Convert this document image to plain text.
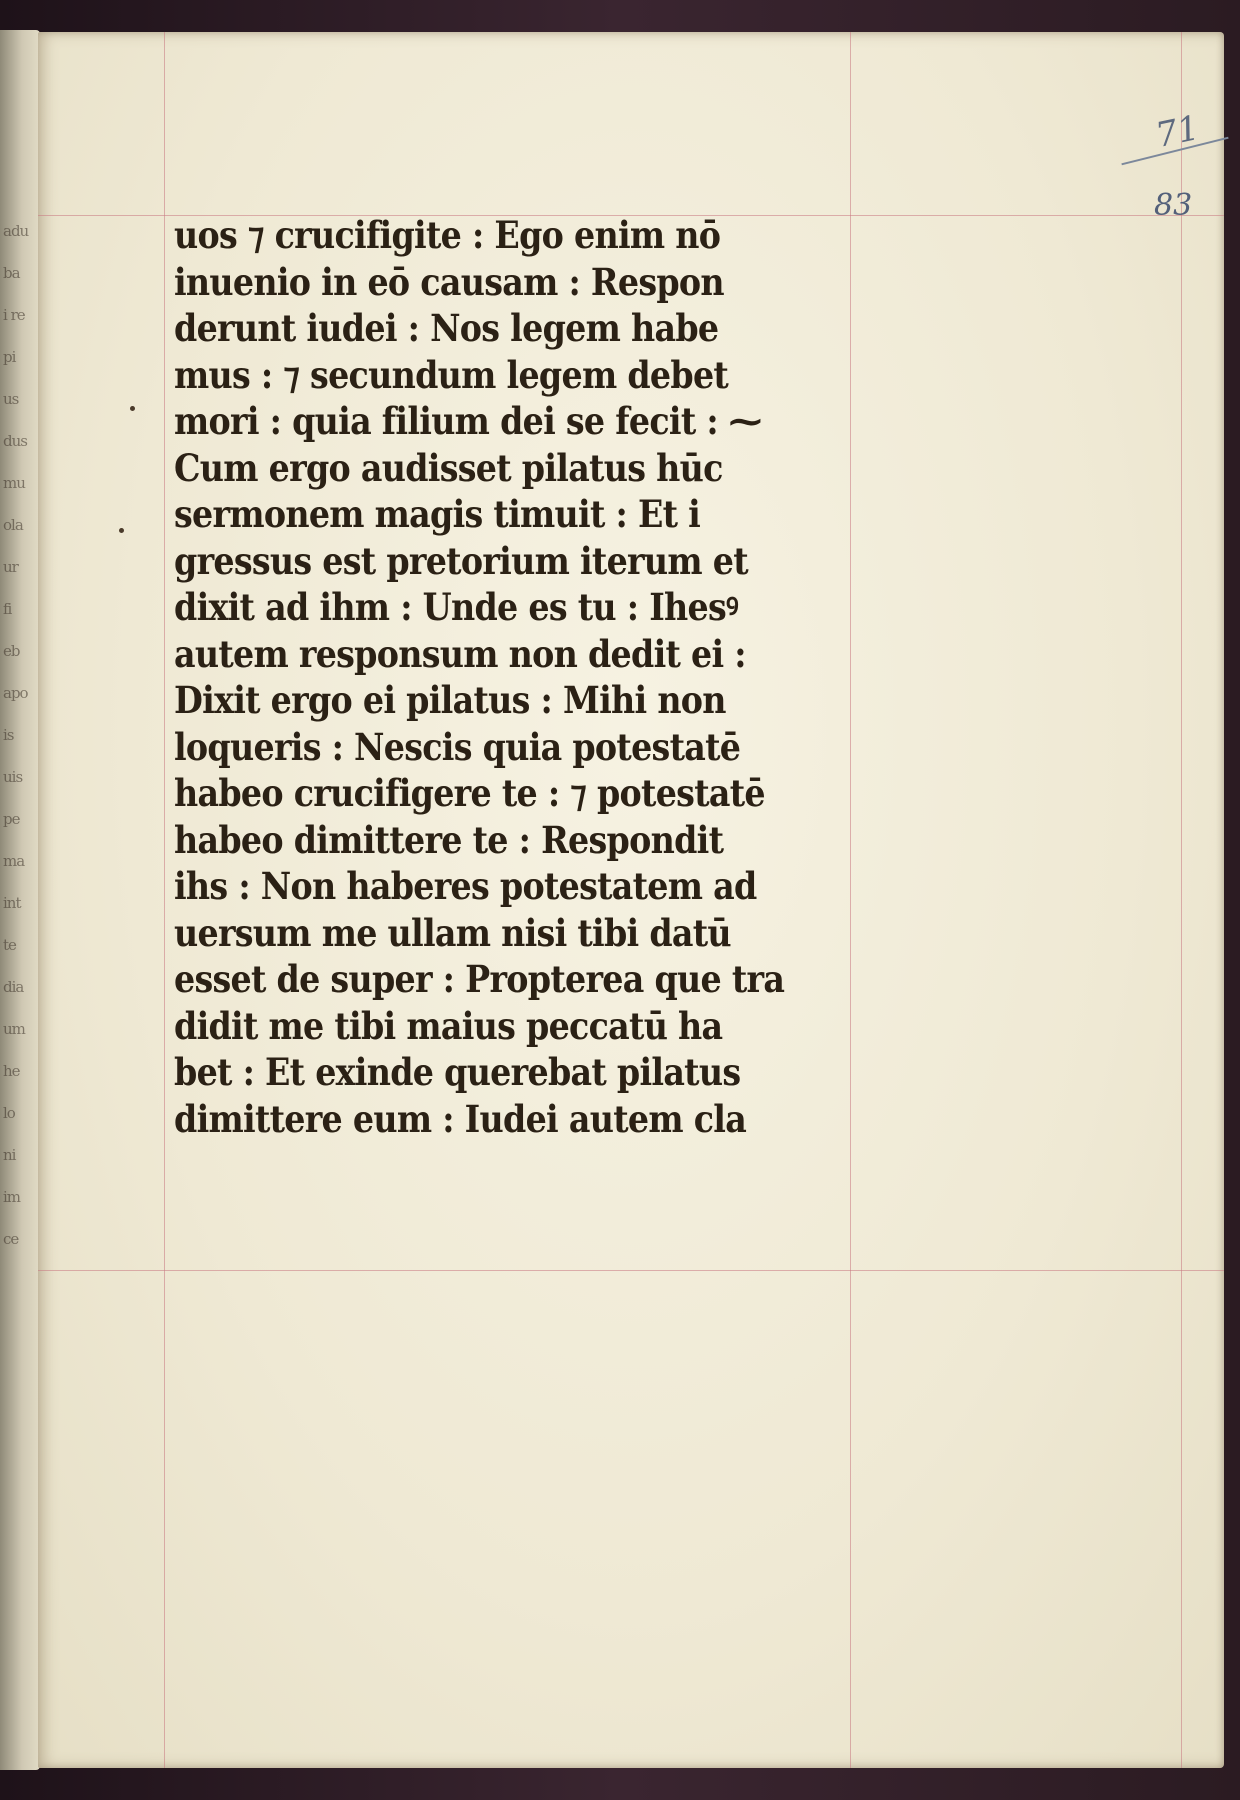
adu
ba
i re
pi
us
dus
mu
ola
ur
fi
eb
apo
is
uis
pe
ma
int
te
dia
um
he
lo
ni
im
ce
71
83
uos ⁊ crucifigite : Ego enim nō
inuenio in eō causam : Respon
derunt iudei : Nos legem habe
mus : ⁊ secundum legem debet
mori : quia filium dei se fecit : ⁓
Cum ergo audisset pilatus hūc
sermonem magis timuit : Et i
gressus est pretorium iterum et
dixit ad ihm : Unde es tu : Ihesꝰ
autem responsum non dedit ei :
Dixit ergo ei pilatus : Mihi non
loqueris : Nescis quia potestatē
habeo crucifigere te : ⁊ potestatē
habeo dimittere te : Respondit
ihs : Non haberes potestatem ad
uersum me ullam nisi tibi datū
esset de super : Propterea que tra
didit me tibi maius peccatū ha
bet : Et exinde querebat pilatus
dimittere eum : Iudei autem cla
